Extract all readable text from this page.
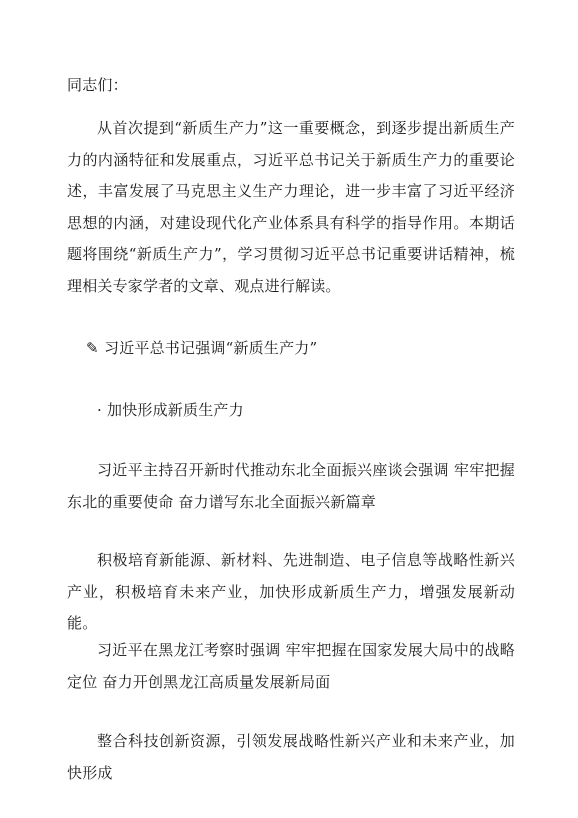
同志们：

从首次提到“新质生产力”这一重要概念，到逐步提出新质生产力的内涵特征和发展重点，习近平总书记关于新质生产力的重要论述，丰富发展了马克思主义生产力理论，进一步丰富了习近平经济思想的内涵，对建设现代化产业体系具有科学的指导作用。本期话题将围绕“新质生产力”，学习贯彻习近平总书记重要讲话精神，梳理相关专家学者的文章、观点进行解读。

✎ 习近平总书记强调“新质生产力”

· 加快形成新质生产力

习近平主持召开新时代推动东北全面振兴座谈会强调 牢牢把握东北的重要使命 奋力谱写东北全面振兴新篇章

积极培育新能源、新材料、先进制造、电子信息等战略性新兴产业，积极培育未来产业，加快形成新质生产力，增强发展新动能。

习近平在黑龙江考察时强调 牢牢把握在国家发展大局中的战略定位 奋力开创黑龙江高质量发展新局面

整合科技创新资源，引领发展战略性新兴产业和未来产业，加快形成
